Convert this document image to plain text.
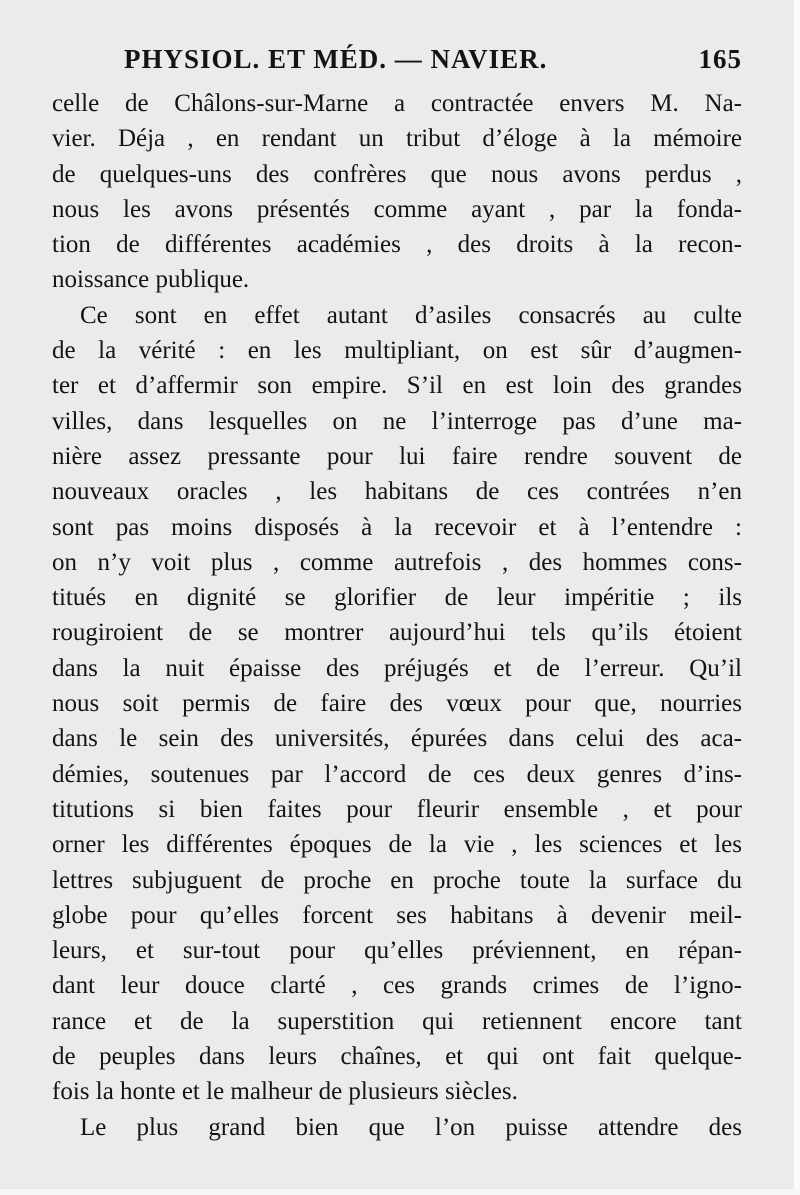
PHYSIOL. ET MÉD. — NAVIER.	165
celle de Châlons-sur-Marne a contractée envers M. Na-
vier. Déja , en rendant un tribut d’éloge à la mémoire
de quelques-uns des confrères que nous avons perdus ,
nous les avons présentés comme ayant , par la fonda-
tion de différentes académies , des droits à la recon-
noissance publique.
Ce sont en effet autant d’asiles consacrés au culte
de la vérité : en les multipliant, on est sûr d’augmen-
ter et d’affermir son empire. S’il en est loin des grandes
villes, dans lesquelles on ne l’interroge pas d’une ma-
nière assez pressante pour lui faire rendre souvent de
nouveaux oracles , les habitans de ces contrées n’en
sont pas moins disposés à la recevoir et à l’entendre :
on n’y voit plus , comme autrefois , des hommes cons-
titués en dignité se glorifier de leur impéritie ; ils
rougiroient de se montrer aujourd’hui tels qu’ils étoient
dans la nuit épaisse des préjugés et de l’erreur. Qu’il
nous soit permis de faire des vœux pour que, nourries
dans le sein des universités, épurées dans celui des aca-
démies, soutenues par l’accord de ces deux genres d’ins-
titutions si bien faites pour fleurir ensemble , et pour
orner les différentes époques de la vie , les sciences et les
lettres subjuguent de proche en proche toute la surface du
globe pour qu’elles forcent ses habitans à devenir meil-
leurs, et sur-tout pour qu’elles préviennent, en répan-
dant leur douce clarté , ces grands crimes de l’igno-
rance et de la superstition qui retiennent encore tant
de peuples dans leurs chaînes, et qui ont fait quelque-
fois la honte et le malheur de plusieurs siècles.
Le plus grand bien que l’on puisse attendre des
